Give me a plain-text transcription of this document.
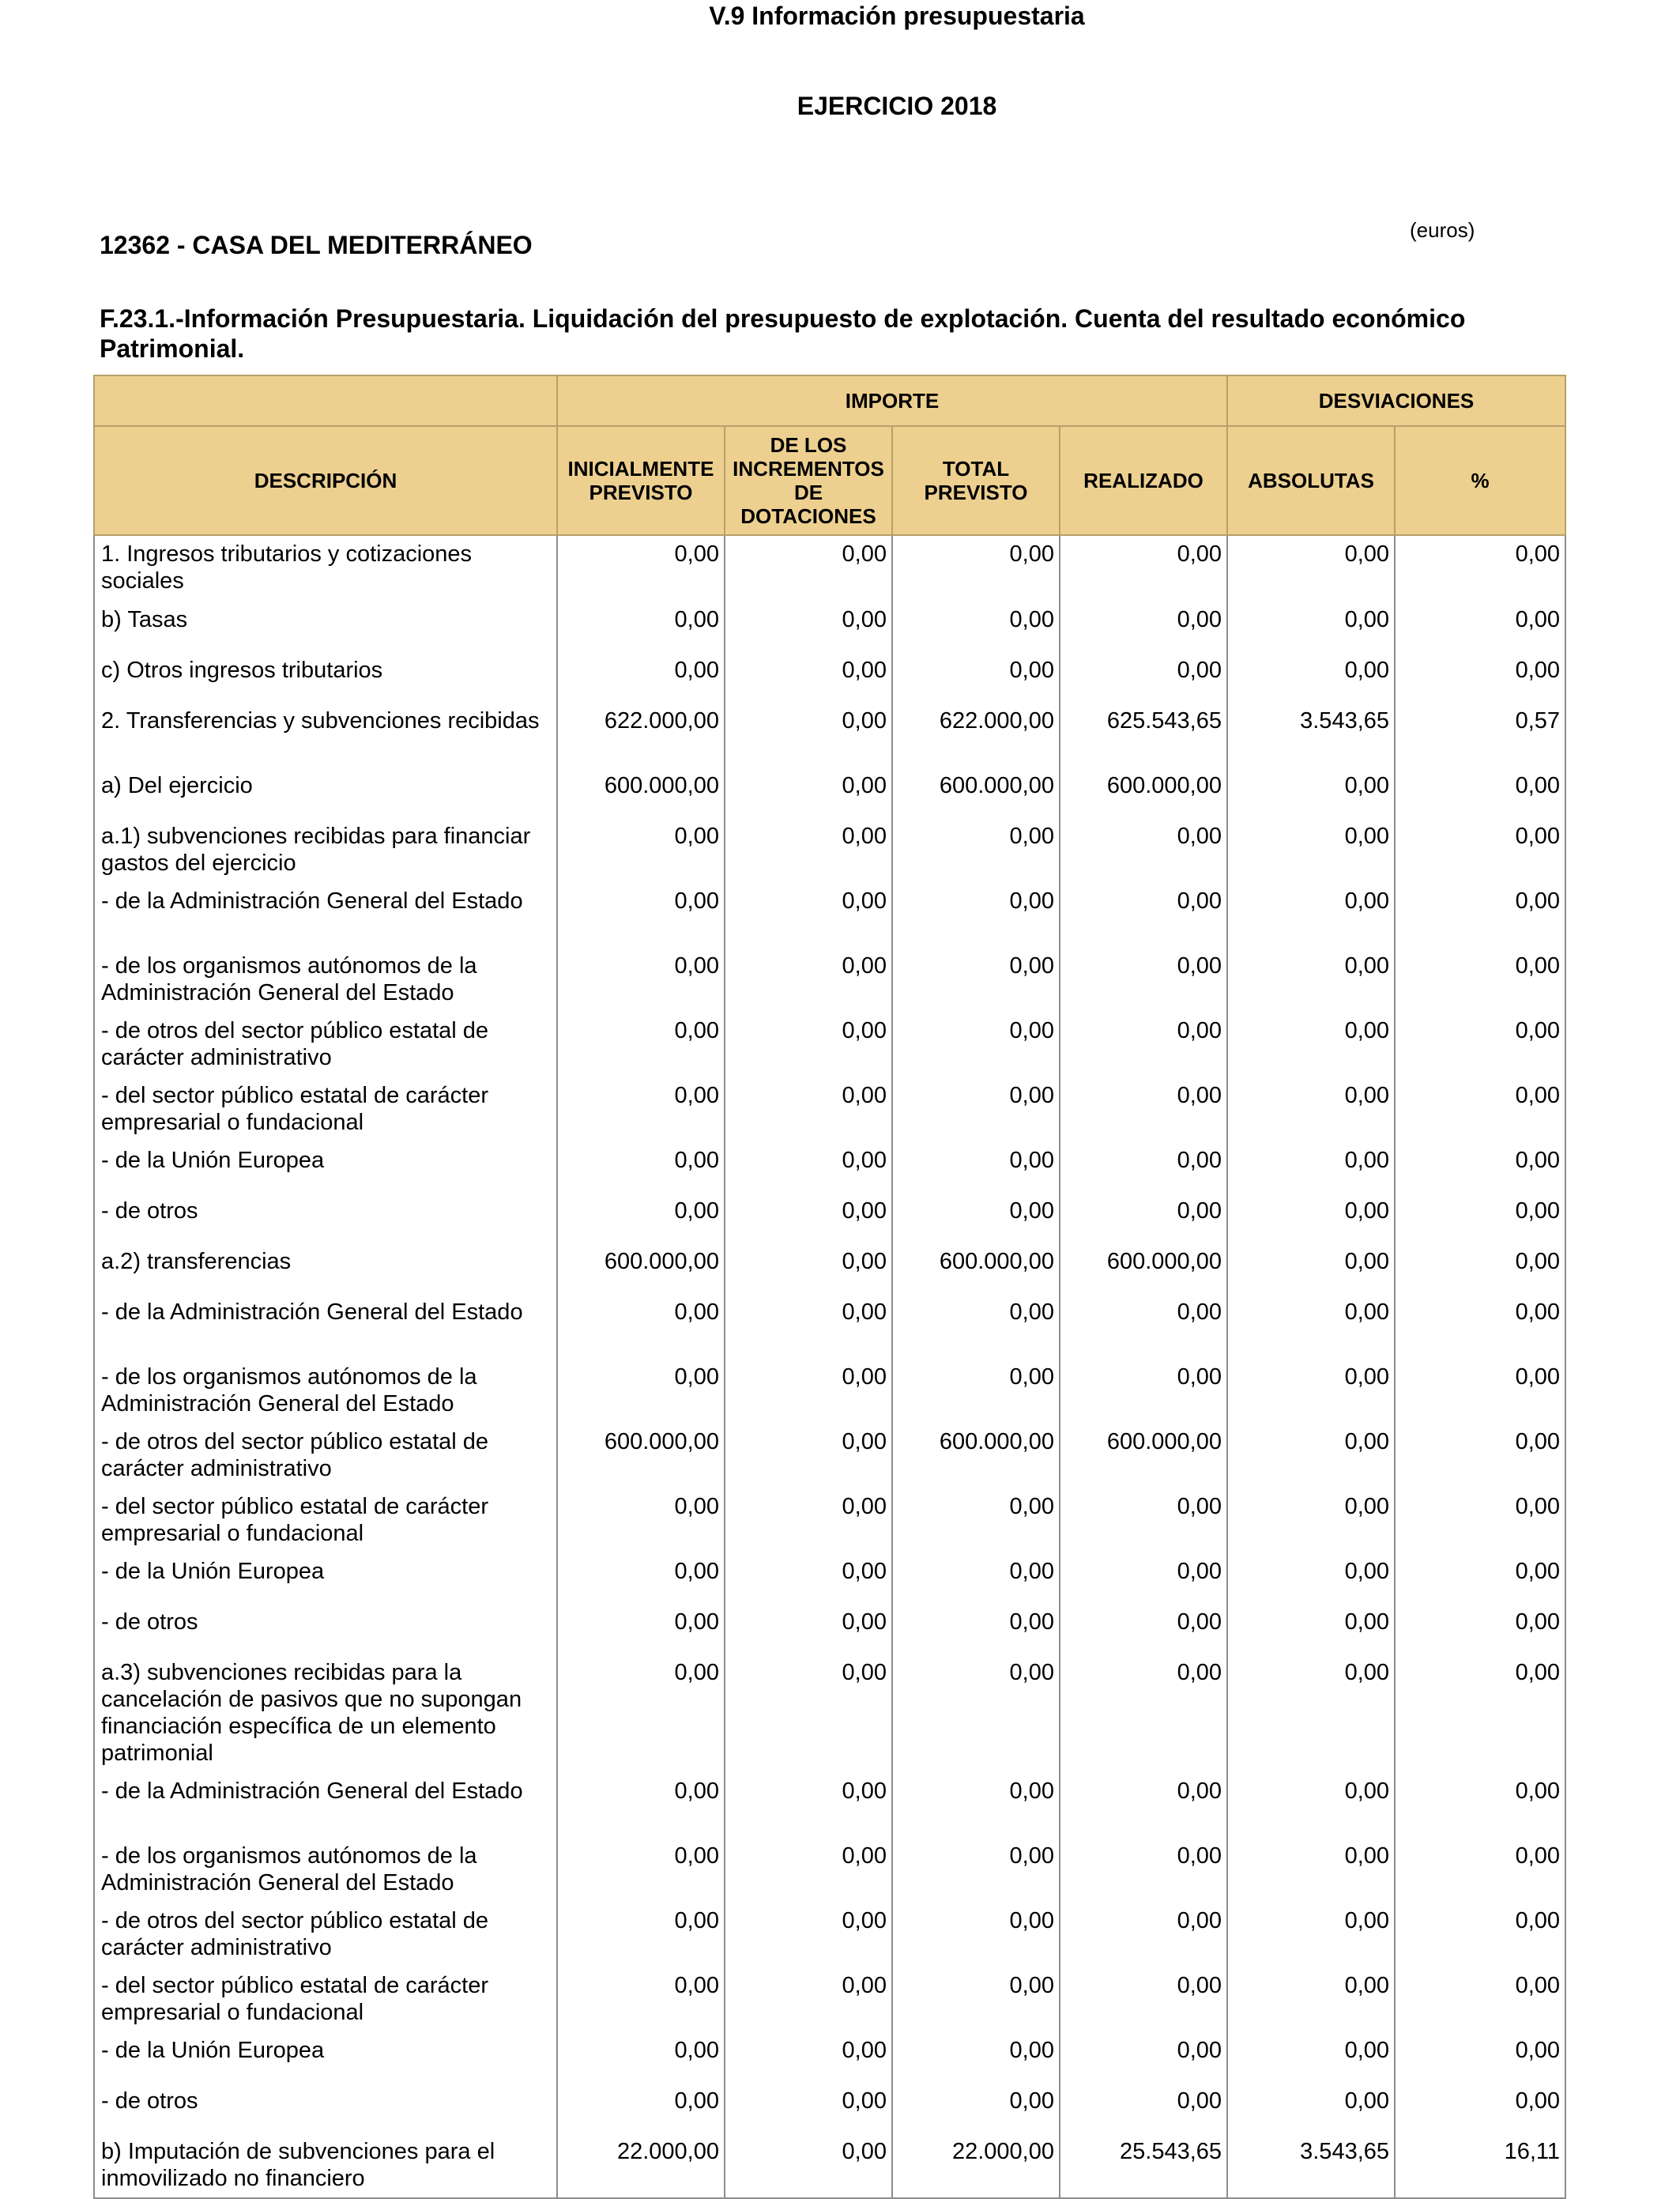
V.9 Información presupuestaria
EJERCICIO 2018
12362 - CASA DEL MEDITERRÁNEO
(euros)
F.23.1.-Información Presupuestaria. Liquidación del presupuesto de explotación. Cuenta del resultado económico Patrimonial.
	IMPORTE				DESVIACIONES	
DESCRIPCIÓN	INICIALMENTE PREVISTO	DE LOS INCREMENTOS DE DOTACIONES	TOTAL PREVISTO	REALIZADO	ABSOLUTAS	%
1. Ingresos tributarios y cotizaciones sociales	0,00	0,00	0,00	0,00	0,00	0,00
b) Tasas	0,00	0,00	0,00	0,00	0,00	0,00
c) Otros ingresos tributarios	0,00	0,00	0,00	0,00	0,00	0,00
2. Transferencias y subvenciones recibidas	622.000,00	0,00	622.000,00	625.543,65	3.543,65	0,57
a) Del ejercicio	600.000,00	0,00	600.000,00	600.000,00	0,00	0,00
a.1) subvenciones recibidas para financiar gastos del ejercicio	0,00	0,00	0,00	0,00	0,00	0,00
- de la Administración General del Estado	0,00	0,00	0,00	0,00	0,00	0,00
- de los organismos autónomos de la Administración General del Estado	0,00	0,00	0,00	0,00	0,00	0,00
- de otros del sector público estatal de carácter administrativo	0,00	0,00	0,00	0,00	0,00	0,00
- del sector público estatal de carácter empresarial o fundacional	0,00	0,00	0,00	0,00	0,00	0,00
- de la Unión Europea	0,00	0,00	0,00	0,00	0,00	0,00
- de otros	0,00	0,00	0,00	0,00	0,00	0,00
a.2) transferencias	600.000,00	0,00	600.000,00	600.000,00	0,00	0,00
- de la Administración General del Estado	0,00	0,00	0,00	0,00	0,00	0,00
- de los organismos autónomos de la Administración General del Estado	0,00	0,00	0,00	0,00	0,00	0,00
- de otros del sector público estatal de carácter administrativo	600.000,00	0,00	600.000,00	600.000,00	0,00	0,00
- del sector público estatal de carácter empresarial o fundacional	0,00	0,00	0,00	0,00	0,00	0,00
- de la Unión Europea	0,00	0,00	0,00	0,00	0,00	0,00
- de otros	0,00	0,00	0,00	0,00	0,00	0,00
a.3) subvenciones recibidas para la cancelación de pasivos que no supongan financiación específica de un elemento patrimonial	0,00	0,00	0,00	0,00	0,00	0,00
- de la Administración General del Estado	0,00	0,00	0,00	0,00	0,00	0,00
- de los organismos autónomos de la Administración General del Estado	0,00	0,00	0,00	0,00	0,00	0,00
- de otros del sector público estatal de carácter administrativo	0,00	0,00	0,00	0,00	0,00	0,00
- del sector público estatal de carácter empresarial o fundacional	0,00	0,00	0,00	0,00	0,00	0,00
- de la Unión Europea	0,00	0,00	0,00	0,00	0,00	0,00
- de otros	0,00	0,00	0,00	0,00	0,00	0,00
b) Imputación de subvenciones para el inmovilizado no financiero	22.000,00	0,00	22.000,00	25.543,65	3.543,65	16,11
